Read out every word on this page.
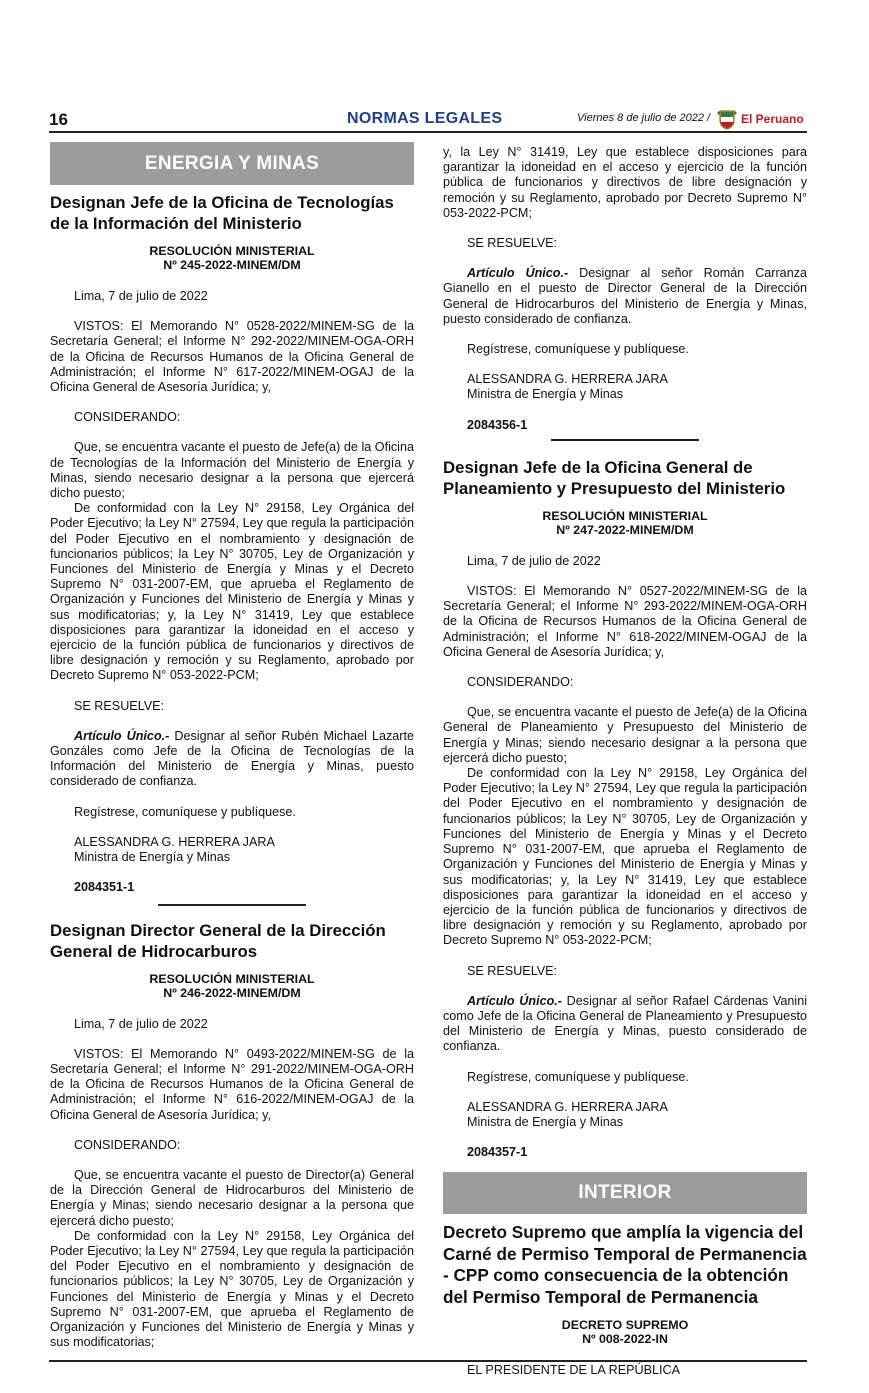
16	NORMAS LEGALES	Viernes 8 de julio de 2022 /	El Peruano
ENERGIA Y MINAS
Designan Jefe de la Oficina de Tecnologías de la Información del Ministerio
RESOLUCIÓN MINISTERIAL
Nº 245-2022-MINEM/DM
Lima, 7 de julio de 2022
VISTOS: El Memorando N° 0528-2022/MINEM-SG de la Secretaría General; el Informe N° 292-2022/MINEM-OGA-ORH de la Oficina de Recursos Humanos de la Oficina General de Administración; el Informe N° 617-2022/MINEM-OGAJ de la Oficina General de Asesoría Jurídica; y,
CONSIDERANDO:
Que, se encuentra vacante el puesto de Jefe(a) de la Oficina de Tecnologías de la Información del Ministerio de Energía y Minas, siendo necesario designar a la persona que ejercerá dicho puesto;
De conformidad con la Ley N° 29158, Ley Orgánica del Poder Ejecutivo; la Ley N° 27594, Ley que regula la participación del Poder Ejecutivo en el nombramiento y designación de funcionarios públicos; la Ley N° 30705, Ley de Organización y Funciones del Ministerio de Energía y Minas y el Decreto Supremo N° 031-2007-EM, que aprueba el Reglamento de Organización y Funciones del Ministerio de Energía y Minas y sus modificatorias; y, la Ley N° 31419, Ley que establece disposiciones para garantizar la idoneidad en el acceso y ejercicio de la función pública de funcionarios y directivos de libre designación y remoción y su Reglamento, aprobado por Decreto Supremo N° 053-2022-PCM;
SE RESUELVE:
Artículo Único.- Designar al señor Rubén Michael Lazarte Gonzáles como Jefe de la Oficina de Tecnologías de la Información del Ministerio de Energía y Minas, puesto considerado de confianza.
Regístrese, comuníquese y publíquese.
ALESSANDRA G. HERRERA JARA
Ministra de Energía y Minas
2084351-1
Designan Director General de la Dirección General de Hidrocarburos
RESOLUCIÓN MINISTERIAL
Nº 246-2022-MINEM/DM
Lima, 7 de julio de 2022
VISTOS: El Memorando N° 0493-2022/MINEM-SG de la Secretaría General; el Informe N° 291-2022/MINEM-OGA-ORH de la Oficina de Recursos Humanos de la Oficina General de Administración; el Informe N° 616-2022/MINEM-OGAJ de la Oficina General de Asesoría Jurídica; y,
CONSIDERANDO:
Que, se encuentra vacante el puesto de Director(a) General de la Dirección General de Hidrocarburos del Ministerio de Energía y Minas; siendo necesario designar a la persona que ejercerá dicho puesto;
De conformidad con la Ley N° 29158, Ley Orgánica del Poder Ejecutivo; la Ley N° 27594, Ley que regula la participación del Poder Ejecutivo en el nombramiento y designación de funcionarios públicos; la Ley N° 30705, Ley de Organización y Funciones del Ministerio de Energía y Minas y el Decreto Supremo N° 031-2007-EM, que aprueba el Reglamento de Organización y Funciones del Ministerio de Energía y Minas y sus modificatorias;
y, la Ley N° 31419, Ley que establece disposiciones para garantizar la idoneidad en el acceso y ejercicio de la función pública de funcionarios y directivos de libre designación y remoción y su Reglamento, aprobado por Decreto Supremo N° 053-2022-PCM;
SE RESUELVE:
Artículo Único.- Designar al señor Román Carranza Gianello en el puesto de Director General de la Dirección General de Hidrocarburos del Ministerio de Energía y Minas, puesto considerado de confianza.
Regístrese, comuníquese y publíquese.
ALESSANDRA G. HERRERA JARA
Ministra de Energía y Minas
2084356-1
Designan Jefe de la Oficina General de Planeamiento y Presupuesto del Ministerio
RESOLUCIÓN MINISTERIAL
Nº 247-2022-MINEM/DM
Lima, 7 de julio de 2022
VISTOS: El Memorando N° 0527-2022/MINEM-SG de la Secretaría General; el Informe N° 293-2022/MINEM-OGA-ORH de la Oficina de Recursos Humanos de la Oficina General de Administración; el Informe N° 618-2022/MINEM-OGAJ de la Oficina General de Asesoría Jurídica; y,
CONSIDERANDO:
Que, se encuentra vacante el puesto de Jefe(a) de la Oficina General de Planeamiento y Presupuesto del Ministerio de Energía y Minas; siendo necesario designar a la persona que ejercerá dicho puesto;
De conformidad con la Ley N° 29158, Ley Orgánica del Poder Ejecutivo; la Ley N° 27594, Ley que regula la participación del Poder Ejecutivo en el nombramiento y designación de funcionarios públicos; la Ley N° 30705, Ley de Organización y Funciones del Ministerio de Energía y Minas y el Decreto Supremo N° 031-2007-EM, que aprueba el Reglamento de Organización y Funciones del Ministerio de Energía y Minas y sus modificatorias; y, la Ley N° 31419, Ley que establece disposiciones para garantizar la idoneidad en el acceso y ejercicio de la función pública de funcionarios y directivos de libre designación y remoción y su Reglamento, aprobado por Decreto Supremo N° 053-2022-PCM;
SE RESUELVE:
Artículo Único.- Designar al señor Rafael Cárdenas Vanini como Jefe de la Oficina General de Planeamiento y Presupuesto del Ministerio de Energía y Minas, puesto considerado de confianza.
Regístrese, comuníquese y publíquese.
ALESSANDRA G. HERRERA JARA
Ministra de Energía y Minas
2084357-1
INTERIOR
Decreto Supremo que amplía la vigencia del Carné de Permiso Temporal de Permanencia - CPP como consecuencia de la obtención del Permiso Temporal de Permanencia
DECRETO SUPREMO
Nº 008-2022-IN
EL PRESIDENTE DE LA REPÚBLICA
